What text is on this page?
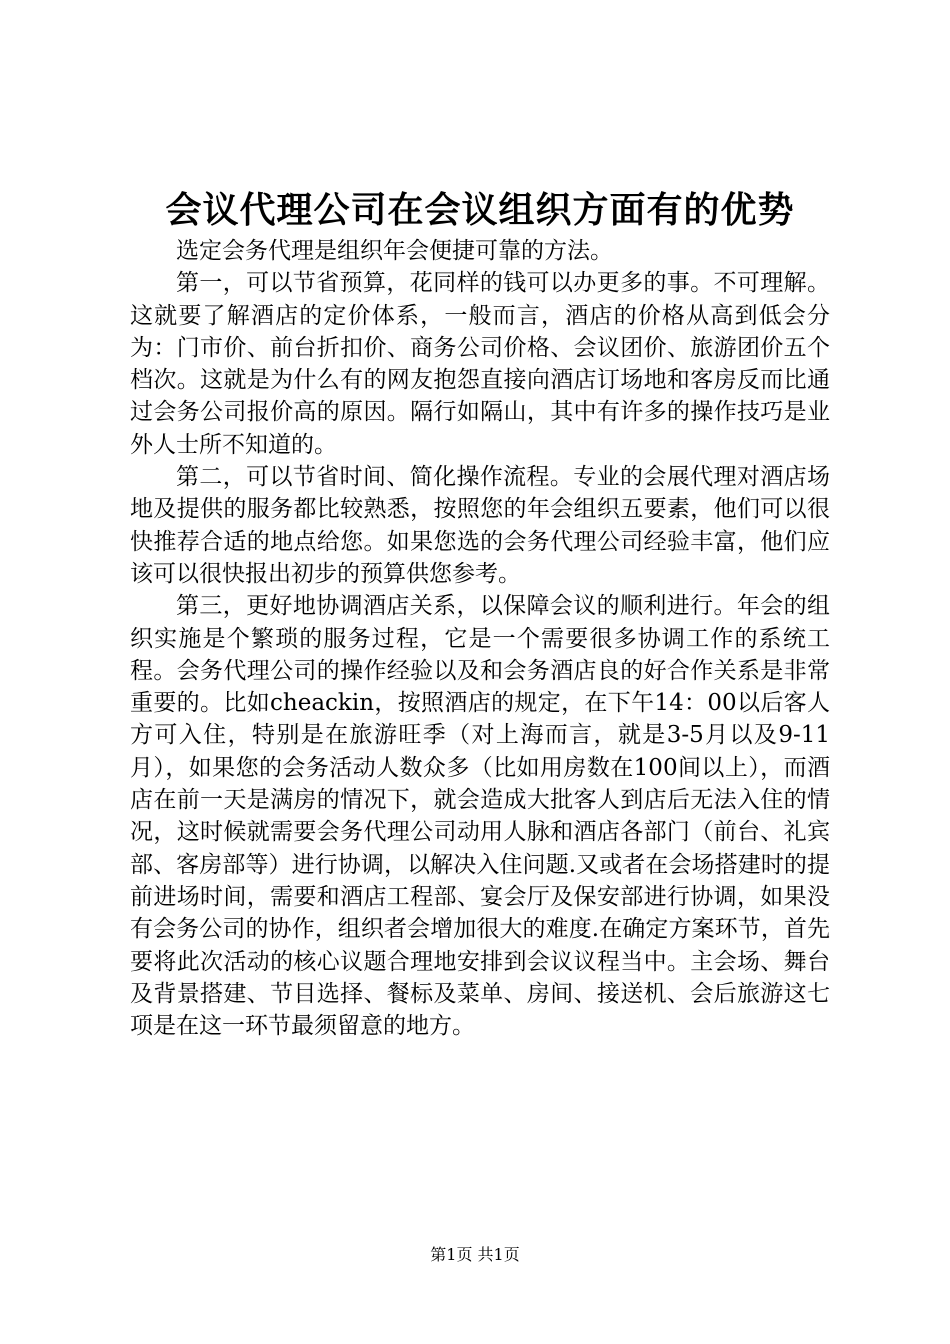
会议代理公司在会议组织方面有的优势

选定会务代理是组织年会便捷可靠的方法。

第一，可以节省预算，花同样的钱可以办更多的事。不可理解。这就要了解酒店的定价体系，一般而言，酒店的价格从高到低会分为：门市价、前台折扣价、商务公司价格、会议团价、旅游团价五个档次。这就是为什么有的网友抱怨直接向酒店订场地和客房反而比通过会务公司报价高的原因。隔行如隔山，其中有许多的操作技巧是业外人士所不知道的。

第二，可以节省时间、简化操作流程。专业的会展代理对酒店场地及提供的服务都比较熟悉，按照您的年会组织五要素，他们可以很快推荐合适的地点给您。如果您选的会务代理公司经验丰富，他们应该可以很快报出初步的预算供您参考。

第三，更好地协调酒店关系，以保障会议的顺利进行。年会的组织实施是个繁琐的服务过程，它是一个需要很多协调工作的系统工程。会务代理公司的操作经验以及和会务酒店良的好合作关系是非常重要的。比如cheackin，按照酒店的规定，在下午14：00以后客人方可入住，特别是在旅游旺季（对上海而言，就是3-5月以及9-11月），如果您的会务活动人数众多（比如用房数在100间以上），而酒店在前一天是满房的情况下，就会造成大批客人到店后无法入住的情况，这时候就需要会务代理公司动用人脉和酒店各部门（前台、礼宾部、客房部等）进行协调，以解决入住问题.又或者在会场搭建时的提前进场时间，需要和酒店工程部、宴会厅及保安部进行协调，如果没有会务公司的协作，组织者会增加很大的难度.在确定方案环节，首先要将此次活动的核心议题合理地安排到会议议程当中。主会场、舞台及背景搭建、节目选择、餐标及菜单、房间、接送机、会后旅游这七项是在这一环节最须留意的地方。

第1页 共1页
